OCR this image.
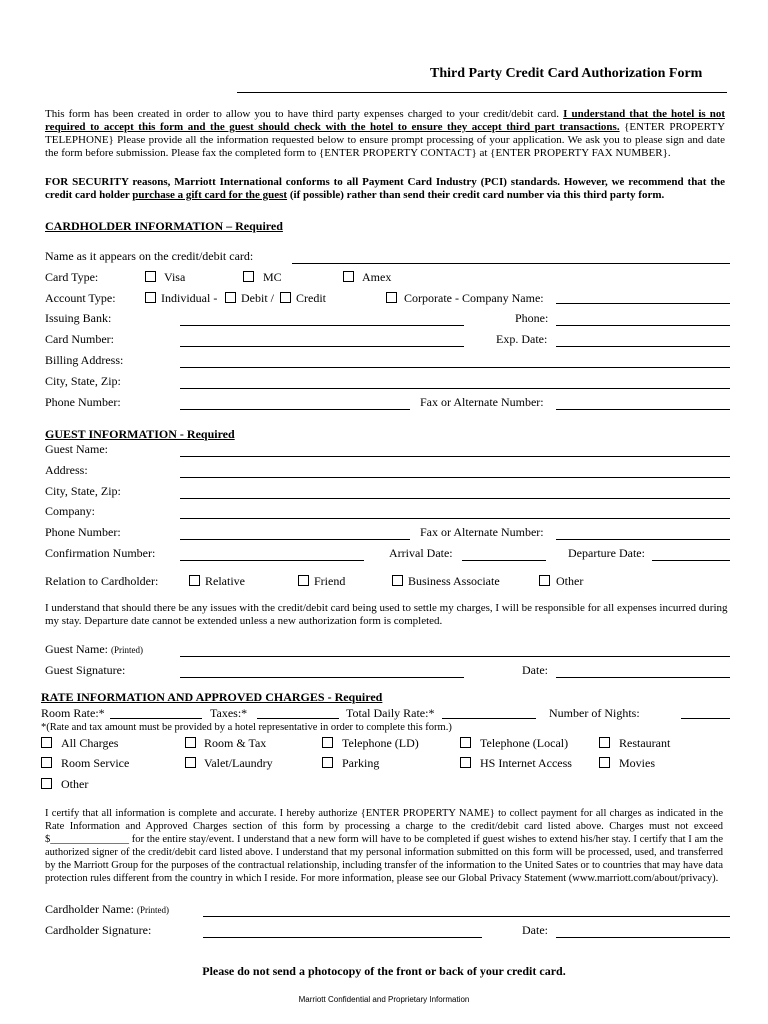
Third Party Credit Card Authorization Form
This form has been created in order to allow you to have third party expenses charged to your credit/debit card. I understand that the hotel is not required to accept this form and the guest should check with the hotel to ensure they accept third part transactions. {ENTER PROPERTY TELEPHONE} Please provide all the information requested below to ensure prompt processing of your application. We ask you to please sign and date the form before submission. Please fax the completed form to {ENTER PROPERTY CONTACT} at {ENTER PROPERTY FAX NUMBER}.
FOR SECURITY reasons, Marriott International conforms to all Payment Card Industry (PCI) standards. However, we recommend that the credit card holder purchase a gift card for the guest (if possible) rather than send their credit card number via this third party form.
CARDHOLDER INFORMATION – Required
Name as it appears on the credit/debit card:
Card Type:	Visa	MC	Amex
Account Type:	Individual - Debit / Credit	Corporate - Company Name:
Issuing Bank:	Phone:
Card Number:	Exp. Date:
Billing Address:
City, State, Zip:
Phone Number:	Fax or Alternate Number:
GUEST INFORMATION - Required
Guest Name:
Address:
City, State, Zip:
Company:
Phone Number:	Fax or Alternate Number:
Confirmation Number:	Arrival Date:	Departure Date:
Relation to Cardholder:	Relative	Friend	Business Associate	Other
I understand that should there be any issues with the credit/debit card being used to settle my charges, I will be responsible for all expenses incurred during my stay. Departure date cannot be extended unless a new authorization form is completed.
Guest Name: (Printed)
Guest Signature:	Date:
RATE INFORMATION AND APPROVED CHARGES - Required
Room Rate:*	Taxes:*	Total Daily Rate:*	Number of Nights:
*(Rate and tax amount must be provided by a hotel representative in order to complete this form.)
All Charges	Room & Tax	Telephone (LD)	Telephone (Local)	Restaurant
Room Service	Valet/Laundry	Parking	HS Internet Access	Movies
Other
I certify that all information is complete and accurate. I hereby authorize {ENTER PROPERTY NAME} to collect payment for all charges as indicated in the Rate Information and Approved Charges section of this form by processing a charge to the credit/debit card listed above. Charges must not exceed $_______________ for the entire stay/event. I understand that a new form will have to be completed if guest wishes to extend his/her stay. I certify that I am the authorized signer of the credit/debit card listed above. I understand that my personal information submitted on this form will be processed, used, and transferred by the Marriott Group for the purposes of the contractual relationship, including transfer of the information to the United Sates or to countries that may have data protection rules different from the country in which I reside. For more information, please see our Global Privacy Statement (www.marriott.com/about/privacy).
Cardholder Name: (Printed)
Cardholder Signature:	Date:
Please do not send a photocopy of the front or back of your credit card.
Marriott Confidential and Proprietary Information
